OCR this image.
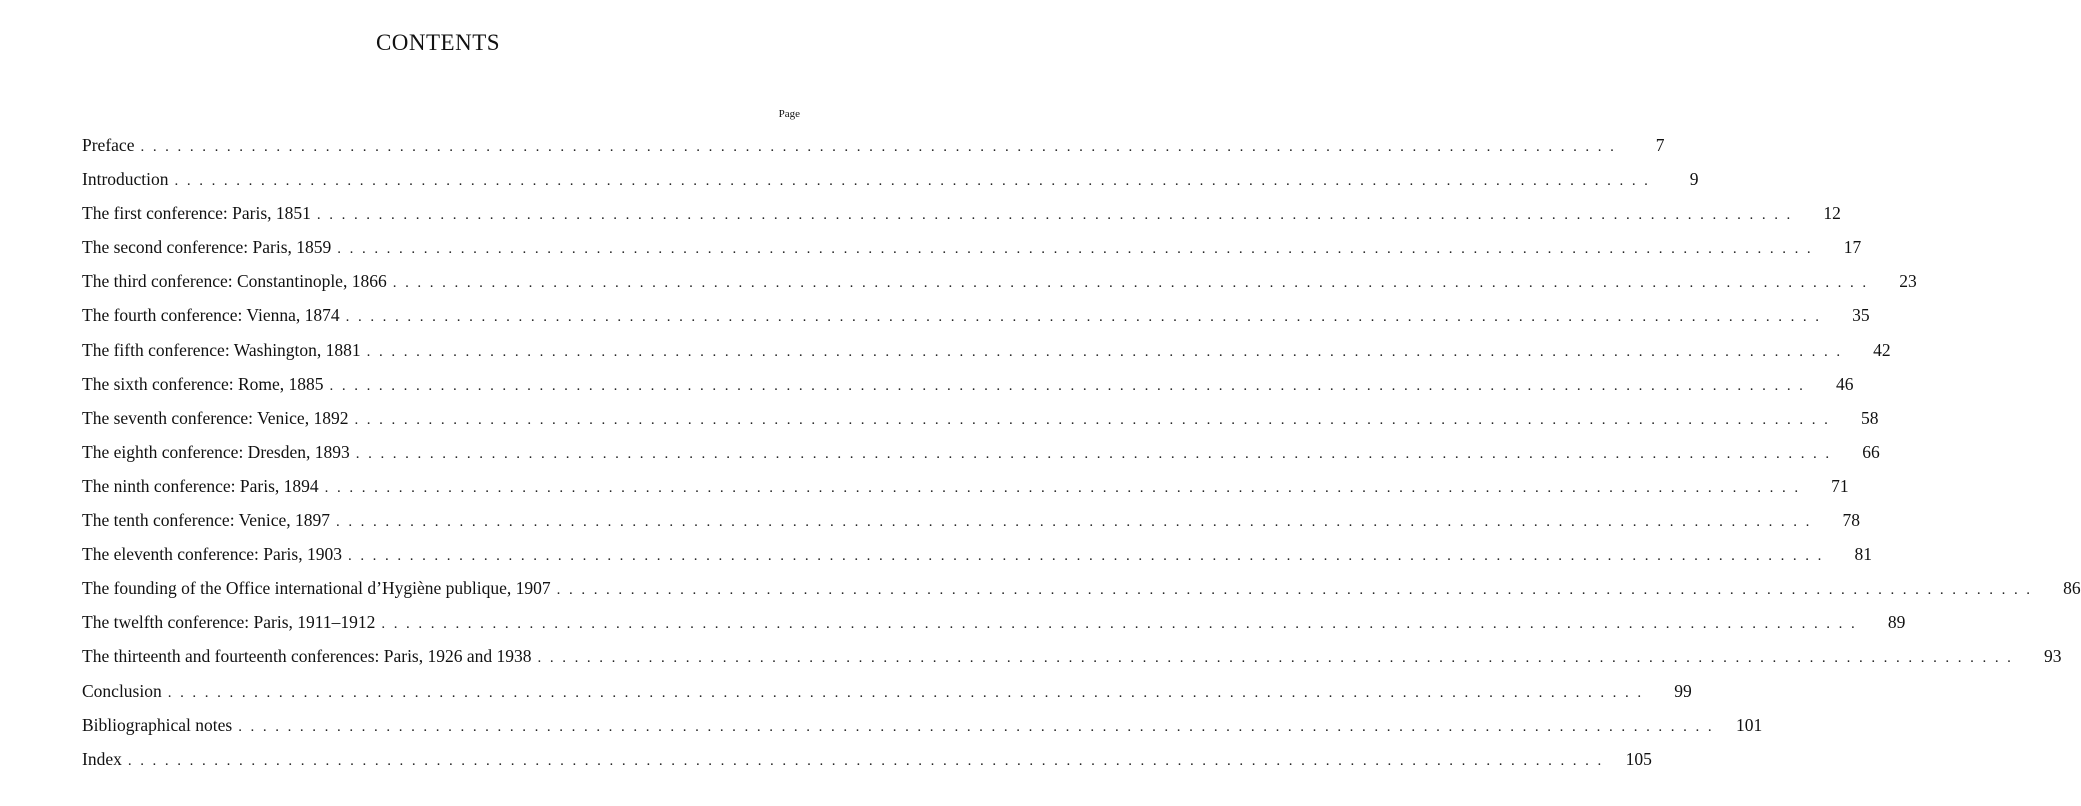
CONTENTS
Page
Preface ........................................................................................................................	7
Introduction ........................................................................................................................	9
The first conference: Paris, 1851 ........................................................................................................................	12
The second conference: Paris, 1859 ........................................................................................................................	17
The third conference: Constantinople, 1866 ........................................................................................................................	23
The fourth conference: Vienna, 1874 ........................................................................................................................	35
The fifth conference: Washington, 1881 ........................................................................................................................	42
The sixth conference: Rome, 1885 ........................................................................................................................	46
The seventh conference: Venice, 1892 ........................................................................................................................	58
The eighth conference: Dresden, 1893 ........................................................................................................................	66
The ninth conference: Paris, 1894 ........................................................................................................................	71
The tenth conference: Venice, 1897 ........................................................................................................................	78
The eleventh conference: Paris, 1903 ........................................................................................................................	81
The founding of the Office international d’Hygiène publique, 1907 ........................................................................................................................	86
The twelfth conference: Paris, 1911–1912 ........................................................................................................................	89
The thirteenth and fourteenth conferences: Paris, 1926 and 1938 ........................................................................................................................	93
Conclusion ........................................................................................................................	99
Bibliographical notes ........................................................................................................................ 101
Index ........................................................................................................................ 105
